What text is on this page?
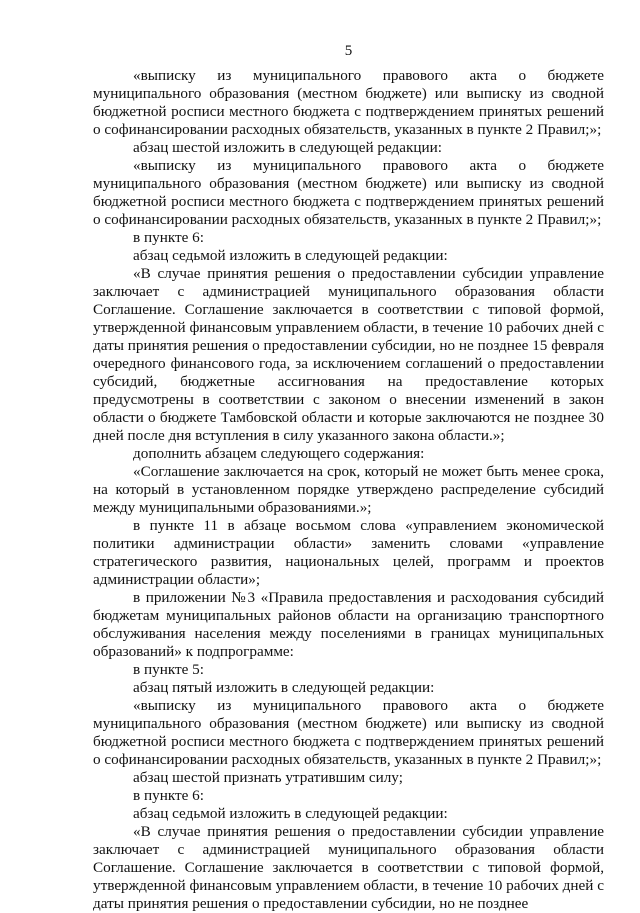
5

«выписку из муниципального правового акта о бюджете муниципального образования (местном бюджете) или выписку из сводной бюджетной росписи местного бюджета с подтверждением принятых решений о софинансировании расходных обязательств, указанных в пункте 2 Правил;»;

абзац шестой изложить в следующей редакции:

«выписку из муниципального правового акта о бюджете муниципального образования (местном бюджете) или выписку из сводной бюджетной росписи местного бюджета с подтверждением принятых решений о софинансировании расходных обязательств, указанных в пункте 2 Правил;»;

в пункте 6:

абзац седьмой изложить в следующей редакции:

«В случае принятия решения о предоставлении субсидии управление заключает с администрацией муниципального образования области Соглашение. Соглашение заключается в соответствии с типовой формой, утвержденной финансовым управлением области, в течение 10 рабочих дней с даты принятия решения о предоставлении субсидии, но не позднее 15 февраля очередного финансового года, за исключением соглашений о предоставлении субсидий, бюджетные ассигнования на предоставление которых предусмотрены в соответствии с законом о внесении изменений в закон области о бюджете Тамбовской области и которые заключаются не позднее 30 дней после дня вступления в силу указанного закона области.»;

дополнить абзацем следующего содержания:

«Соглашение заключается на срок, который не может быть менее срока, на который в установленном порядке утверждено распределение субсидий между муниципальными образованиями.»;

в пункте 11 в абзаце восьмом слова «управлением экономической политики администрации области» заменить словами «управление стратегического развития, национальных целей, программ и проектов администрации области»;

в приложении №3 «Правила предоставления и расходования субсидий бюджетам муниципальных районов области на организацию транспортного обслуживания населения между поселениями в границах муниципальных образований» к подпрограмме:

в пункте 5:

абзац пятый изложить в следующей редакции:

«выписку из муниципального правового акта о бюджете муниципального образования (местном бюджете) или выписку из сводной бюджетной росписи местного бюджета с подтверждением принятых решений о софинансировании расходных обязательств, указанных в пункте 2 Правил;»;

абзац шестой признать утратившим силу;

в пункте 6:

абзац седьмой изложить в следующей редакции:

«В случае принятия решения о предоставлении субсидии управление заключает с администрацией муниципального образования области Соглашение. Соглашение заключается в соответствии с типовой формой, утвержденной финансовым управлением области, в течение 10 рабочих дней с даты принятия решения о предоставлении субсидии, но не позднее
